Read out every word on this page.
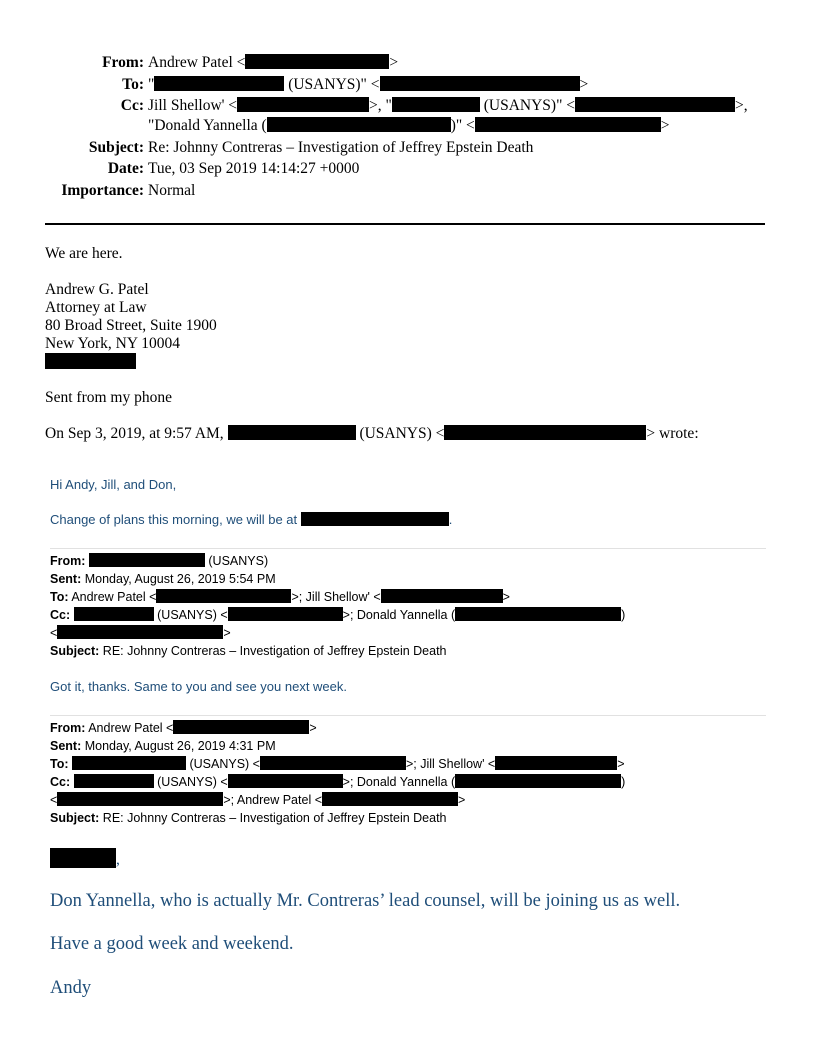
From: Andrew Patel <	>
To: "	(USANYS)" <	>
Cc: Jill Shellow' <	>, "	(USANYS)" <	>,
"Donald Yannella (	)" <	>
Subject: Re: Johnny Contreras – Investigation of Jeffrey Epstein Death
Date: Tue, 03 Sep 2019 14:14:27 +0000
Importance: Normal
We are here.
Andrew G. Patel
Attorney at Law
80 Broad Street, Suite 1900
New York, NY 10004
Sent from my phone
On Sep 3, 2019, at 9:57 AM,	(USANYS) <	> wrote:
Hi Andy, Jill, and Don,
Change of plans this morning, we will be at	.
From:	(USANYS)
Sent: Monday, August 26, 2019 5:54 PM
To: Andrew Patel <	>; Jill Shellow' <	>
Cc:	(USANYS) <	>; Donald Yannella (	)
<	>
Subject: RE: Johnny Contreras – Investigation of Jeffrey Epstein Death
Got it, thanks. Same to you and see you next week.
From: Andrew Patel <	>
Sent: Monday, August 26, 2019 4:31 PM
To:	(USANYS) <	>; Jill Shellow' <	>
Cc:	(USANYS) <	>; Donald Yannella (	)
<	>; Andrew Patel <	>
Subject: RE: Johnny Contreras – Investigation of Jeffrey Epstein Death
,
Don Yannella, who is actually Mr. Contreras’ lead counsel, will be joining us as well.
Have a good week and weekend.
Andy
